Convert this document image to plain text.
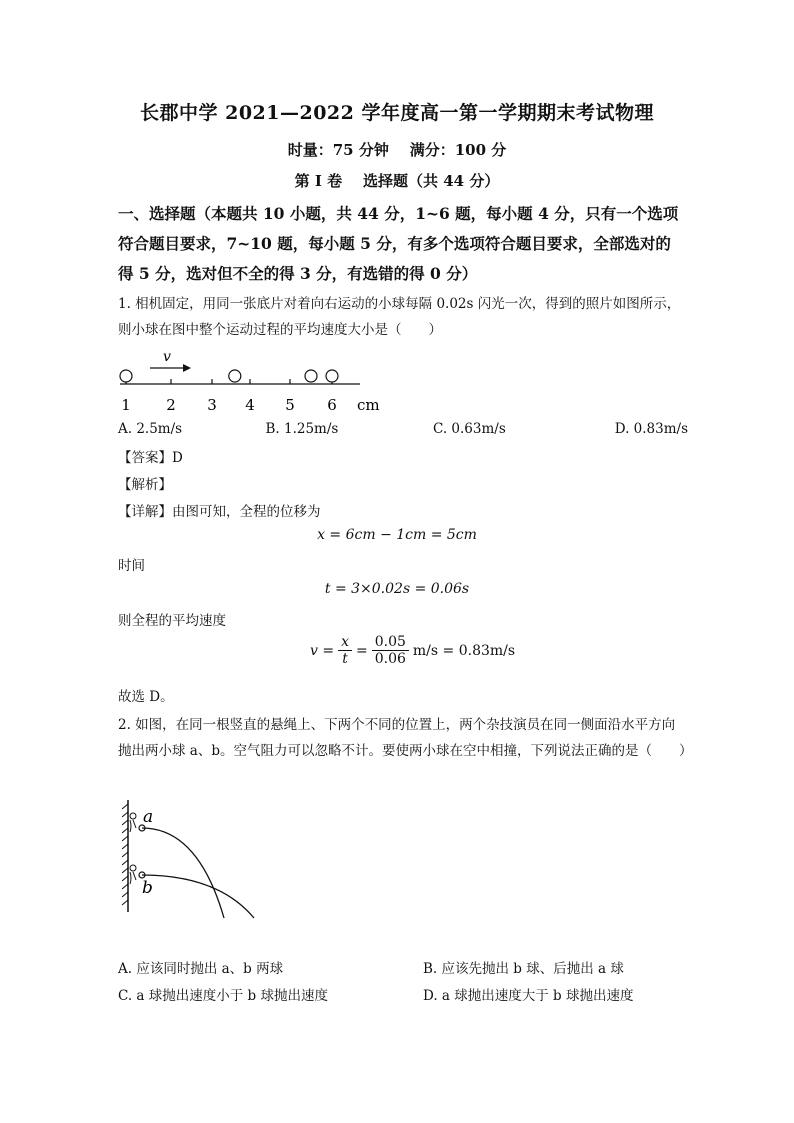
长郡中学 2021—2022 学年度高一第一学期期末考试物理
时量：75 分钟    满分：100 分
第 I 卷    选择题（共 44 分）
一、选择题（本题共 10 小题，共 44 分，1~6 题，每小题 4 分，只有一个选项符合题目要求，7~10 题，每小题 5 分，有多个选项符合题目要求，全部选对的得 5 分，选对但不全的得 3 分，有选错的得 0 分）
1. 相机固定，用同一张底片对着向右运动的小球每隔 0.02s 闪光一次，得到的照片如图所示，则小球在图中整个运动过程的平均速度大小是（　　）
v
1 2 3 4 5 6 cm
A. 2.5m/s	B. 1.25m/s	C. 0.63m/s	D. 0.83m/s
【答案】D
【解析】
【详解】由图可知，全程的位移为
x = 6cm − 1cm = 5cm
时间
t = 3×0.02s = 0.06s
则全程的平均速度
$v = \frac{x}{t} = \frac{0.05}{0.06} m/s = 0.83m/s$
故选 D。
2. 如图，在同一根竖直的悬绳上、下两个不同的位置上，两个杂技演员在同一侧面沿水平方向抛出两小球 a、b。空气阻力可以忽略不计。要使两小球在空中相撞，下列说法正确的是（　　）
a
b
A. 应该同时抛出 a、b 两球	B. 应该先抛出 b 球、后抛出 a 球
C. a 球抛出速度小于 b 球抛出速度	D. a 球抛出速度大于 b 球抛出速度
